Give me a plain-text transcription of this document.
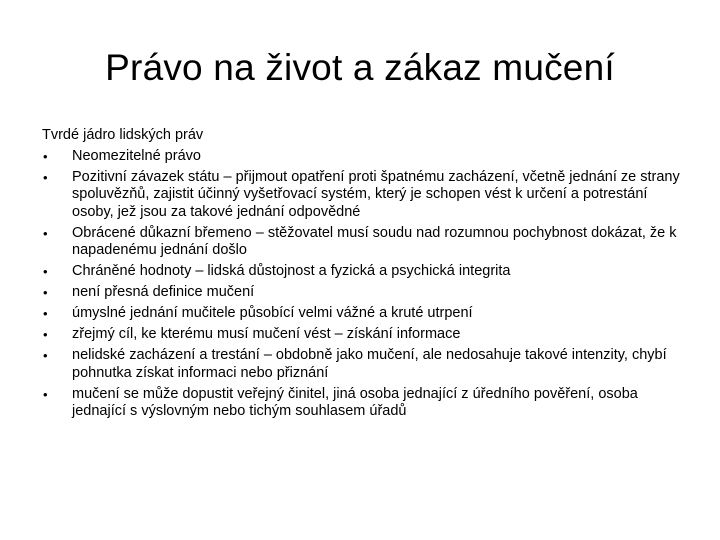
Právo na život a zákaz mučení
Tvrdé jádro lidských práv
•	Neomezitelné právo
•	Pozitivní závazek státu – přijmout opatření proti špatnému zacházení, včetně jednání ze strany spoluvězňů, zajistit účinný vyšetřovací systém, který je schopen vést k určení a potrestání osoby, jež jsou za takové jednání odpovědné
•	Obrácené důkazní břemeno – stěžovatel musí soudu nad rozumnou pochybnost dokázat, že k napadenému jednání došlo
•	Chráněné hodnoty – lidská důstojnost a fyzická a psychická integrita
•	není přesná definice mučení
•	úmyslné jednání mučitele působící velmi vážné a kruté utrpení
•	zřejmý cíl, ke kterému musí mučení vést – získání informace
•	nelidské zacházení a trestání – obdobně jako mučení, ale nedosahuje takové intenzity, chybí pohnutka získat informaci nebo přiznání
•	mučení se může dopustit veřejný činitel, jiná osoba jednající z úředního pověření, osoba jednající s výslovným nebo tichým souhlasem úřadů
